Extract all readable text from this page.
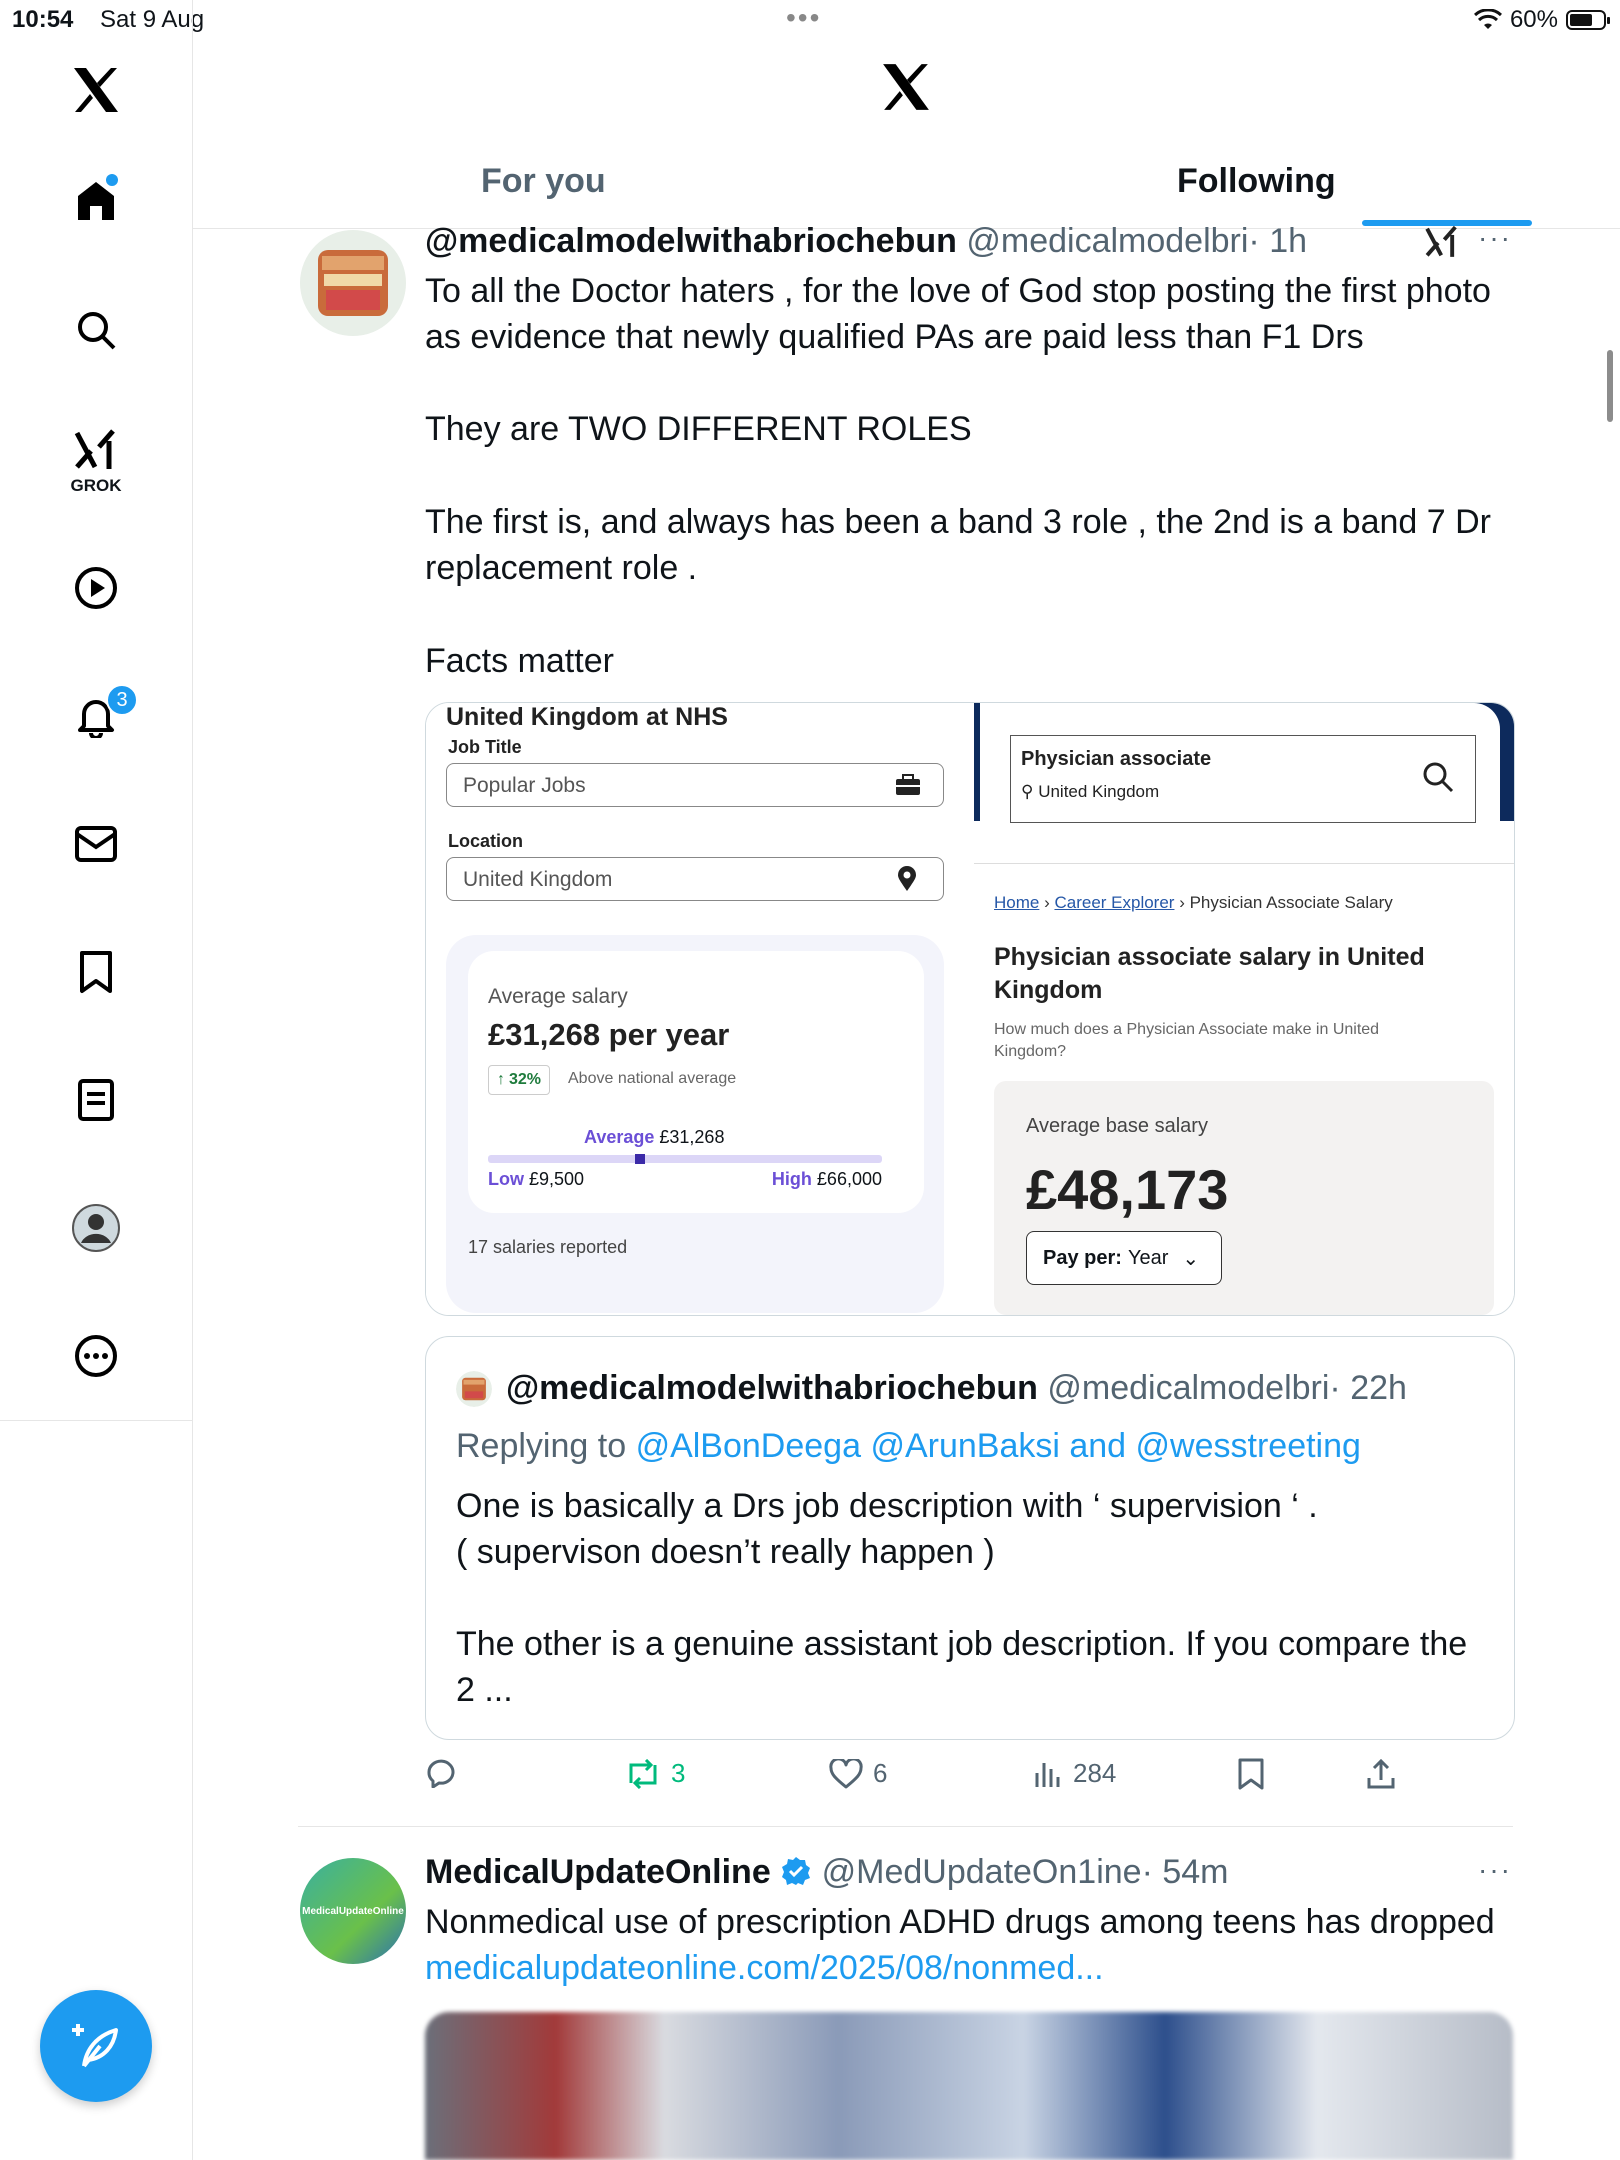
10:54 Sat 9 Aug	•••	60%
GROK
3
For you	Following
@medicalmodelwithabriochebun @medicalmodelbri· 1h	···
To all the Doctor haters , for the love of God stop posting the first photo
as evidence that newly qualified PAs are paid less than F1 Drs
They are TWO DIFFERENT ROLES
The first is, and always has been a band 3 role , the 2nd is a band 7 Dr
replacement role .
Facts matter
United Kingdom at NHS
Job Title
Popular Jobs
Location
United Kingdom
Average salary
£31,268 per year
↑ 32% Above national average
Average £31,268
Low £9,500	High £66,000
17 salaries reported
Physician associate
⚲ United Kingdom
Home › Career Explorer › Physician Associate Salary
Physician associate salary in United
Kingdom
How much does a Physician Associate make in United
Kingdom?
Average base salary
£48,173
Pay per: Year ⌄
@medicalmodelwithabriochebun @medicalmodelbri· 22h
Replying to @AlBonDeega @ArunBaksi and @wesstreeting
One is basically a Drs job description with ‘ supervision ‘ .
( supervison doesn’t really happen )
The other is a genuine assistant job description. If you compare the
2 ...
3	6	284
MedicalUpdateOnline
MedicalUpdateOnline @MedUpdateOn1ine· 54m	···
Nonmedical use of prescription ADHD drugs among teens has dropped
medicalupdateonline.com/2025/08/nonmed...
